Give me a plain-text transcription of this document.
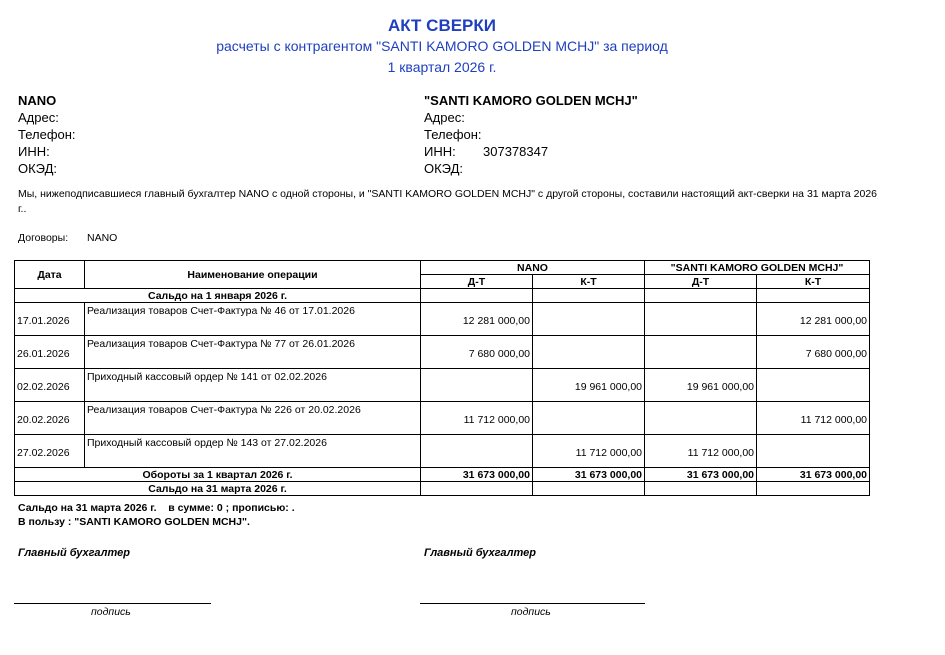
АКТ СВЕРКИ
расчеты с контрагентом "SANTI KAMORO GOLDEN MCHJ" за период
1 квартал 2026 г.
NANO
Адрес:
Телефон:
ИНН:
ОКЭД:
"SANTI KAMORO GOLDEN MCHJ"
Адрес:
Телефон:
ИНН: 307378347
ОКЭД:
Мы, нижеподписавшиеся главный бухгалтер NANO с одной стороны, и "SANTI KAMORO GOLDEN MCHJ" с другой стороны, составили настоящий акт-сверки на 31 марта 2026 г..
Договоры: NANO
Дата	Наименование операции	NANO		"SANTI KAMORO GOLDEN MCHJ"	
		Д-Т	К-Т	Д-Т	К-Т
Сальдо на 1 января 2026 г.					
17.01.2026	Реализация товаров Счет-Фактура № 46 от 17.01.2026	12 281 000,00			12 281 000,00
26.01.2026	Реализация товаров Счет-Фактура № 77 от 26.01.2026	7 680 000,00			7 680 000,00
02.02.2026	Приходный кассовый ордер № 141 от 02.02.2026		19 961 000,00	19 961 000,00	
20.02.2026	Реализация товаров Счет-Фактура № 226 от 20.02.2026	11 712 000,00			11 712 000,00
27.02.2026	Приходный кассовый ордер № 143 от 27.02.2026		11 712 000,00	11 712 000,00	
Обороты за 1 квартал 2026 г.		31 673 000,00	31 673 000,00	31 673 000,00	31 673 000,00
Сальдо на 31 марта 2026 г.					
Сальдо на 31 марта 2026 г.    в сумме: 0 ; прописью: .
В пользу : "SANTI KAMORO GOLDEN MCHJ".
Главный бухгалтер	Главный бухгалтер
подпись	подпись
